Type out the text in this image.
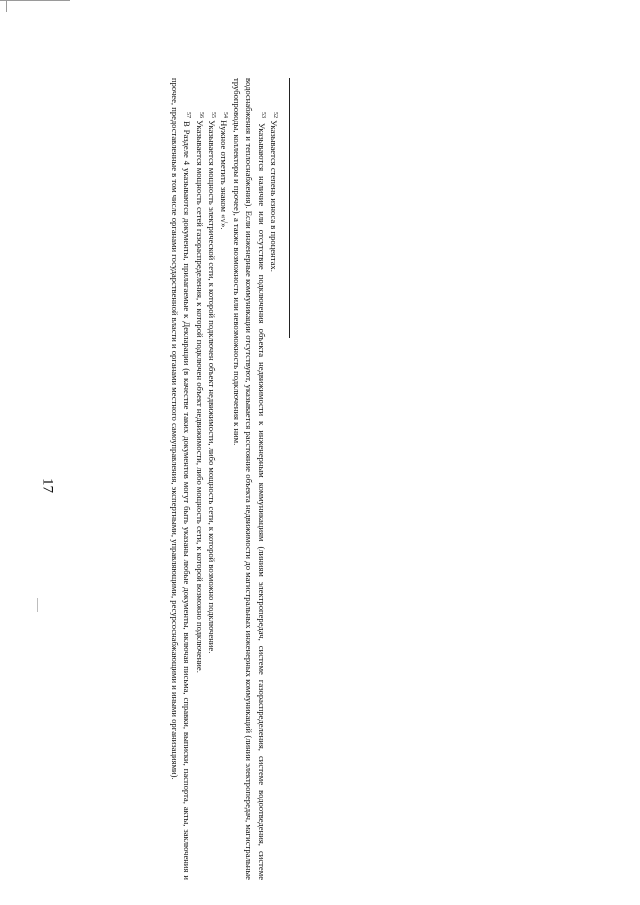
17

$^{52}$ Указывается степень износа в процентах.

$^{53}$ Указываются наличие или отсутствие подключения объекта недвижимости к инженерным коммуникациям (линиям электропередач, системе газораспределения, системе водоотведения, системе водоснабжения и теплоснабжения). Если инженерные коммуникации отсутствуют, указывается расстояние объекта недвижимости до магистральных инженерных коммуникаций (линии электропередач, магистральные трубопроводы, коллекторы и прочее), а также возможность или невозможность подключения к ним.

$^{54}$ Нужное отметить знаком «√».

$^{55}$ Указывается мощность электрической сети, к которой подключен объект недвижимости, либо мощность сети, к которой возможно подключение.

$^{56}$ Указывается мощность сетей газораспределения, к которой подключен объект недвижимости, либо мощность сети, к которой возможно подключение.

$^{57}$ В Разделе 4 указываются документы, прилагаемые к Декларации (в качестве таких документов могут быть указаны любые документы, включая письма, справки, выписки, паспорта, акты, заключения и прочее, предоставленные в том числе органами государственной власти и органами местного самоуправления, экспертными, управляющими, ресурсоснабжающими и иными организациями).
